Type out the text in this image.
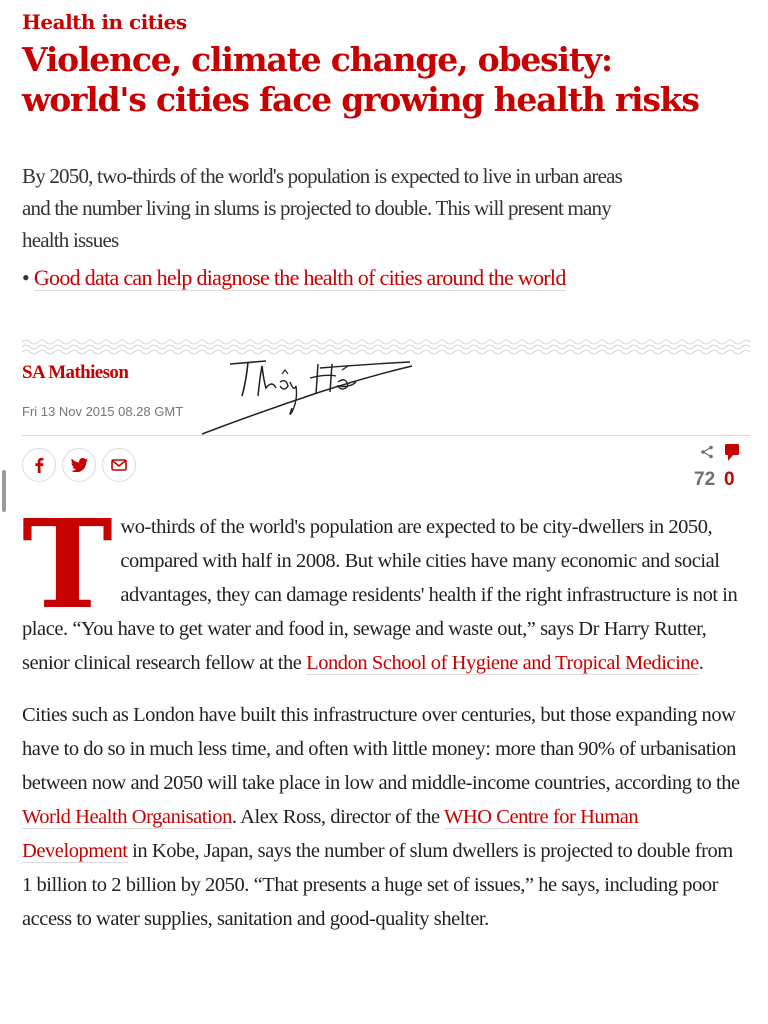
Health in cities
Violence, climate change, obesity: world's cities face growing health risks

By 2050, two-thirds of the world's population is expected to live in urban areas and the number living in slums is projected to double. This will present many health issues

• Good data can help diagnose the health of cities around the world
SA Mathieson
Fri 13 Nov 2015 08.28 GMT
72 0

Two-thirds of the world's population are expected to be city-dwellers in 2050, compared with half in 2008. But while cities have many economic and social advantages, they can damage residents' health if the right infrastructure is not in place. “You have to get water and food in, sewage and waste out,” says Dr Harry Rutter, senior clinical research fellow at the London School of Hygiene and Tropical Medicine.

Cities such as London have built this infrastructure over centuries, but those expanding now have to do so in much less time, and often with little money: more than 90% of urbanisation between now and 2050 will take place in low and middle-income countries, according to the World Health Organisation. Alex Ross, director of the WHO Centre for Human Development in Kobe, Japan, says the number of slum dwellers is projected to double from 1 billion to 2 billion by 2050. “That presents a huge set of issues,” he says, including poor access to water supplies, sanitation and good-quality shelter.
